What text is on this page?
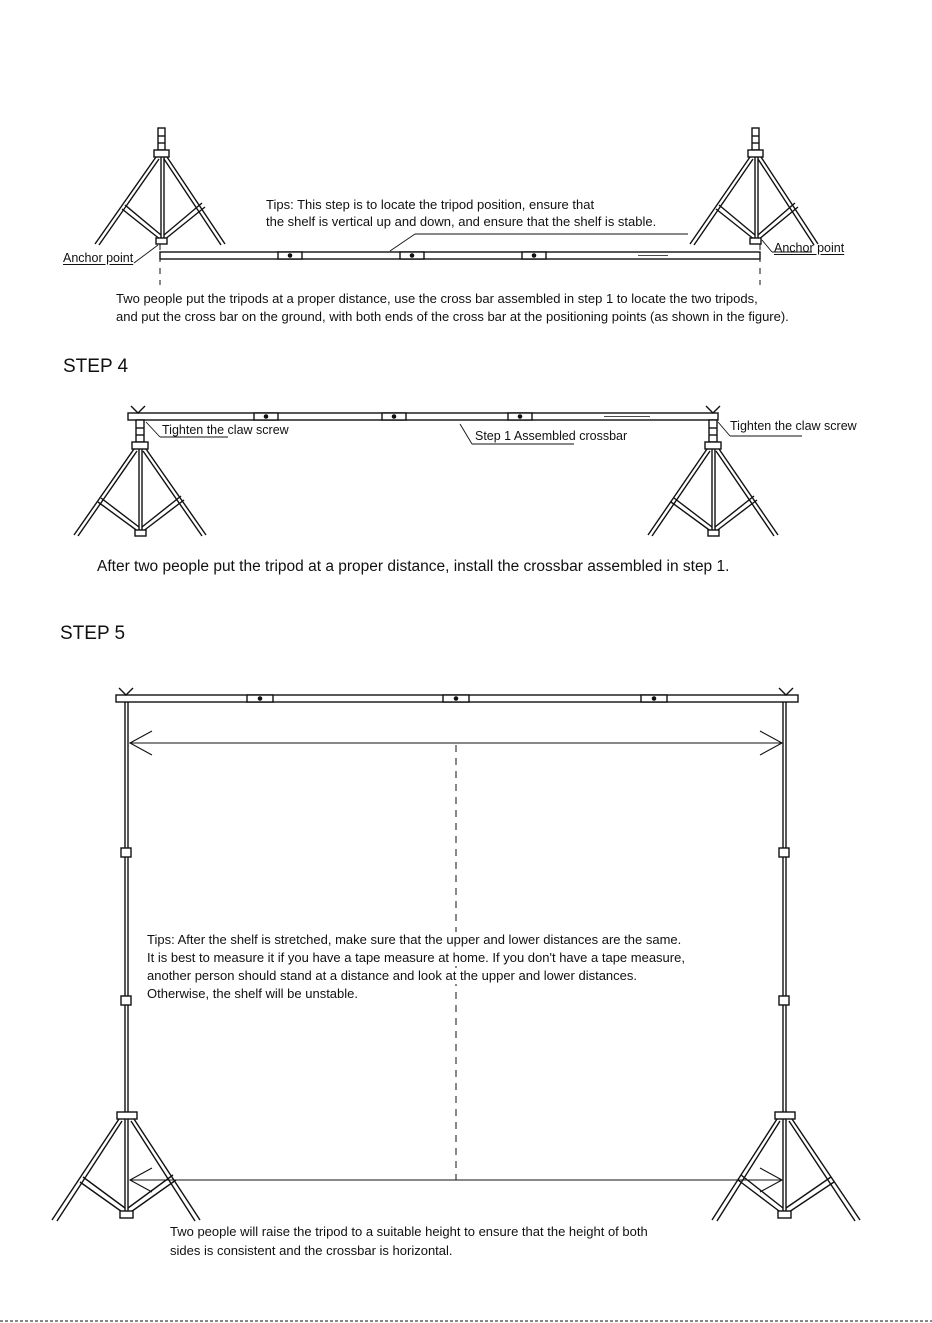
Tips: This step is to locate the tripod position, ensure that
the shelf is vertical up and down, and ensure that the shelf is stable.
Anchor point
Anchor point
Two people put the tripods at a proper distance, use the cross bar assembled in step 1 to locate the two tripods,
and put the cross bar on the ground, with both ends of the cross bar at the positioning points (as shown in the figure).
STEP 4
Tighten the claw screw	Step 1 Assembled crossbar
Tighten the claw screw
After two people put the tripod at a proper distance, install the crossbar assembled in step 1.
STEP 5
Tips: After the shelf is stretched, make sure that the upper and lower distances are the same.
It is best to measure it if you have a tape measure at home. If you don't have a tape measure,
another person should stand at a distance and look at the upper and lower distances.
Otherwise, the shelf will be unstable.
Two people will raise the tripod to a suitable height to ensure that the height of both
sides is consistent and the crossbar is horizontal.
